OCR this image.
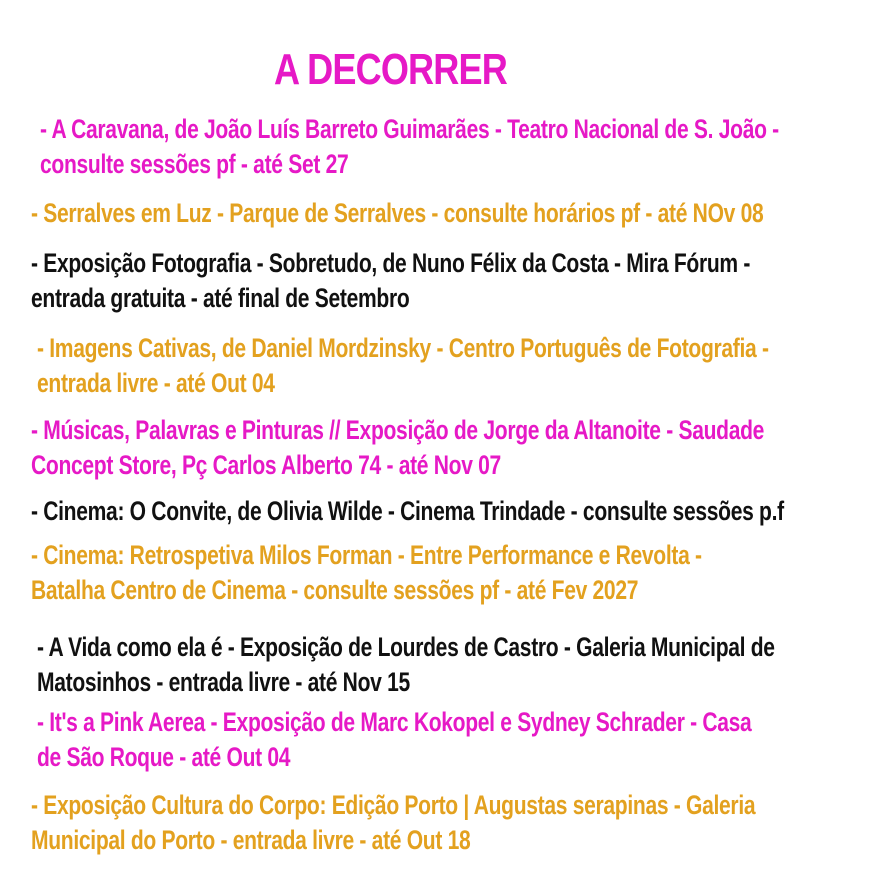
A DECORRER
- A Caravana, de João Luís Barreto Guimarães - Teatro Nacional de S. João -
consulte sessões pf - até Set 27
- Serralves em Luz - Parque de Serralves - consulte horários pf - até NOv 08
- Exposição Fotografia - Sobretudo, de Nuno Félix da Costa - Mira Fórum -
entrada gratuita - até final de Setembro
- Imagens Cativas, de Daniel Mordzinsky - Centro Português de Fotografia -
entrada livre - até Out 04
- Músicas, Palavras e Pinturas // Exposição de Jorge da Altanoite - Saudade
Concept Store, Pç Carlos Alberto 74 - até Nov 07
- Cinema: O Convite, de Olivia Wilde - Cinema Trindade - consulte sessões p.f
- Cinema: Retrospetiva Milos Forman - Entre Performance e Revolta -
Batalha Centro de Cinema - consulte sessões pf - até Fev 2027
- A Vida como ela é - Exposição de Lourdes de Castro - Galeria Municipal de
Matosinhos - entrada livre - até Nov 15
- It's a Pink Aerea - Exposição de Marc Kokopel e Sydney Schrader - Casa
de São Roque - até Out 04
- Exposição Cultura do Corpo: Edição Porto | Augustas serapinas - Galeria
Municipal do Porto - entrada livre - até Out 18
